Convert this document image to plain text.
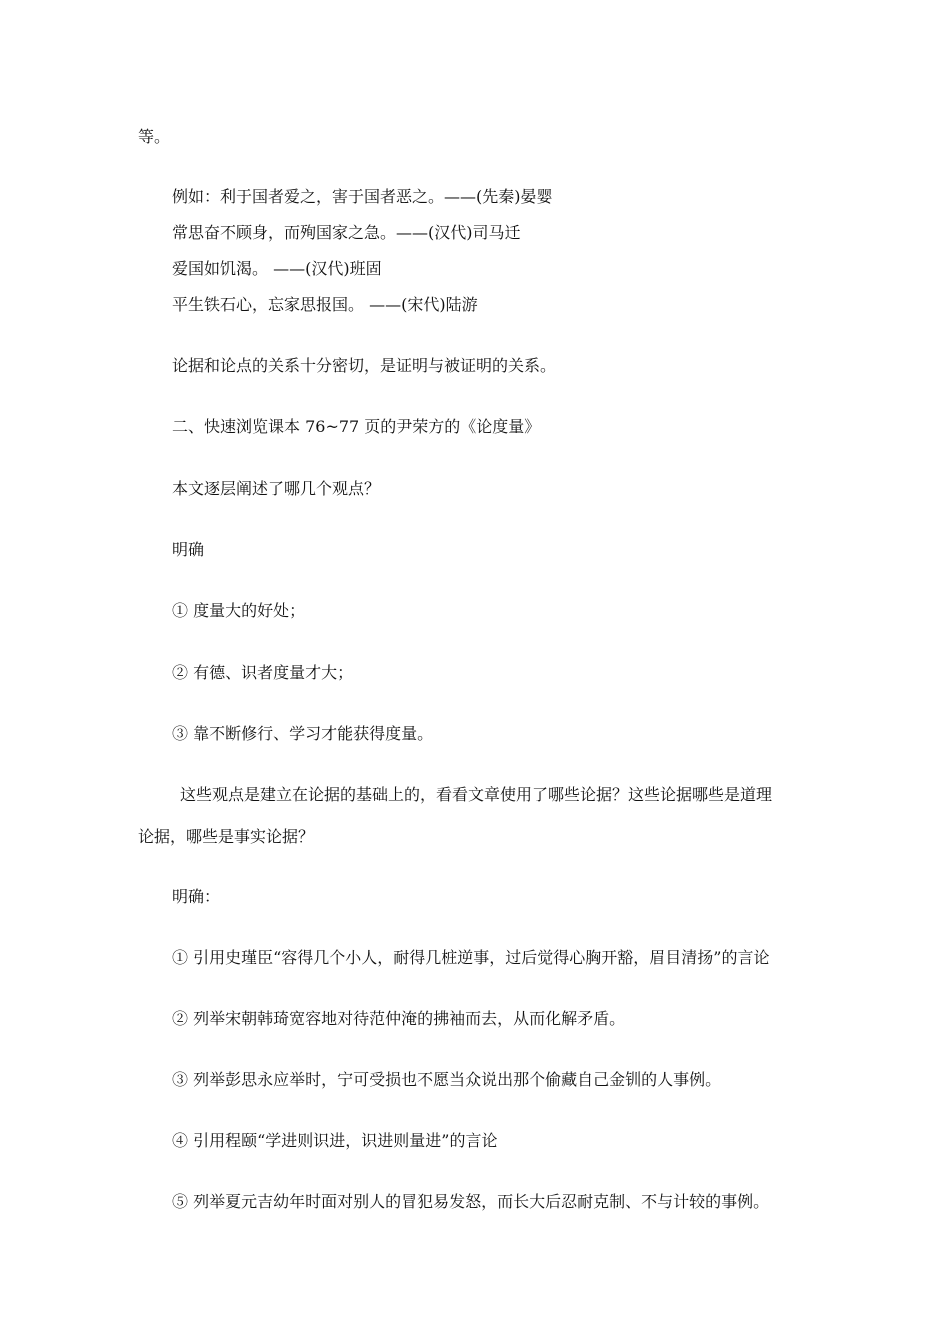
等。
例如：利于国者爱之，害于国者恶之。——(先秦)晏婴
常思奋不顾身，而殉国家之急。——(汉代)司马迁
爱国如饥渴。 ——(汉代)班固
平生铁石心，忘家思报国。 ——(宋代)陆游
论据和论点的关系十分密切，是证明与被证明的关系。
二、快速浏览课本 76~77 页的尹荣方的《论度量》
本文逐层阐述了哪几个观点？
明确
① 度量大的好处；
② 有德、识者度量才大；
③ 靠不断修行、学习才能获得度量。
这些观点是建立在论据的基础上的，看看文章使用了哪些论据？这些论据哪些是道理
论据，哪些是事实论据？
明确：
① 引用史瑾臣“容得几个小人，耐得几桩逆事，过后觉得心胸开豁，眉目清扬”的言论
② 列举宋朝韩琦宽容地对待范仲淹的拂袖而去，从而化解矛盾。
③ 列举彭思永应举时，宁可受损也不愿当众说出那个偷藏自己金钏的人事例。
④ 引用程颐“学进则识进，识进则量进”的言论
⑤ 列举夏元吉幼年时面对别人的冒犯易发怒，而长大后忍耐克制、不与计较的事例。
